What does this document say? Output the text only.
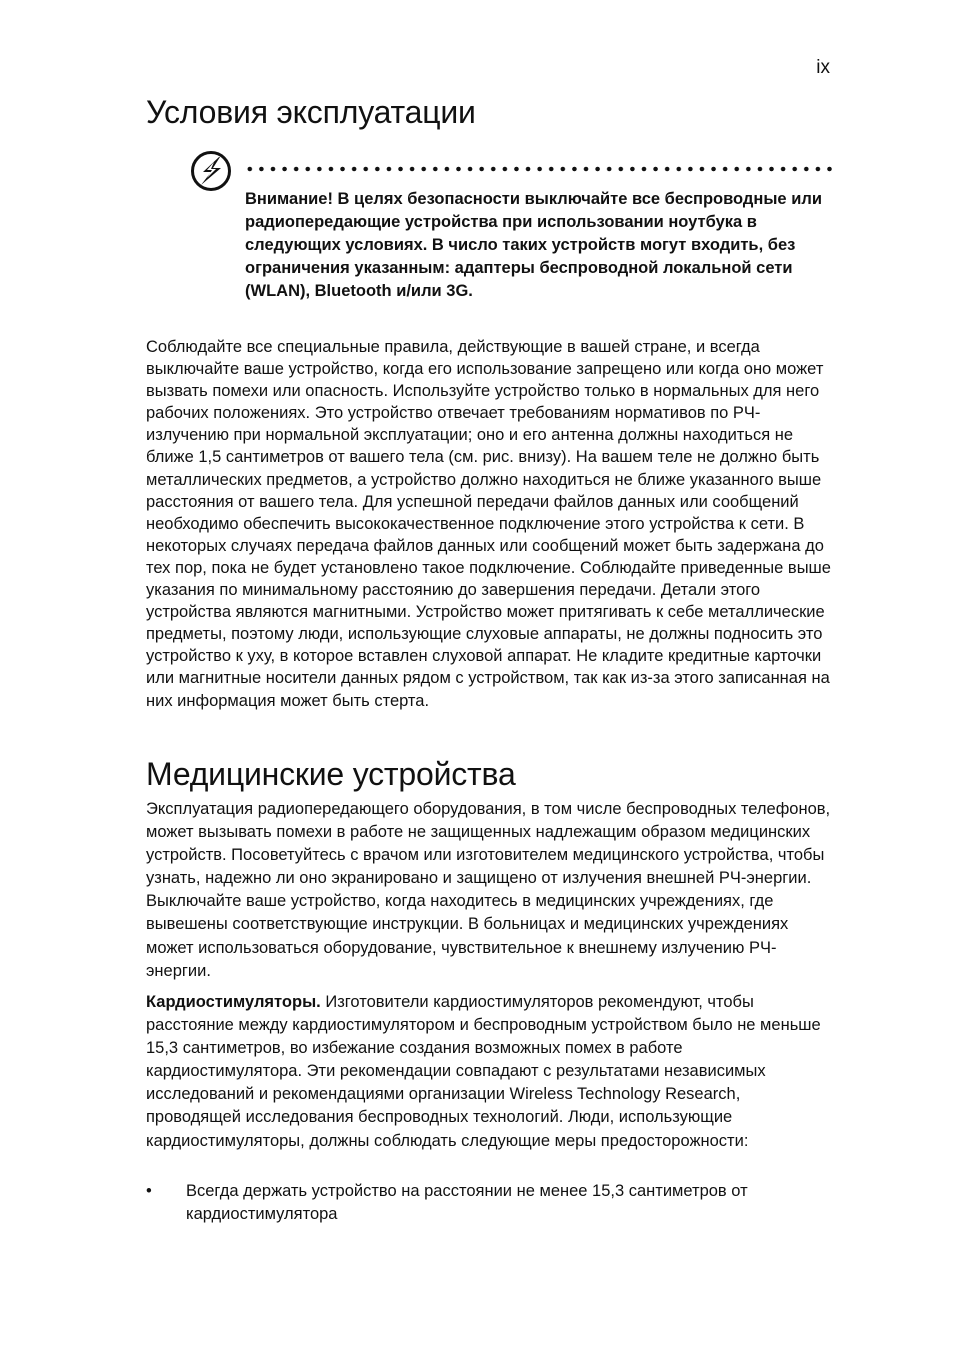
ix
Условия эксплуатации

Внимание! В целях безопасности выключайте все беспроводные или радиопередающие устройства при использовании ноутбука в следующих условиях. В число таких устройств могут входить, без ограничения указанным: адаптеры беспроводной локальной сети (WLAN), Bluetooth и/или 3G.

Соблюдайте все специальные правила, действующие в вашей стране, и всегда выключайте ваше устройство, когда его использование запрещено или когда оно может вызвать помехи или опасность. Используйте устройство только в нормальных для него рабочих положениях. Это устройство отвечает требованиям нормативов по РЧ-излучению при нормальной эксплуатации; оно и его антенна должны находиться не ближе 1,5 сантиметров от вашего тела (см. рис. внизу). На вашем теле не должно быть металлических предметов, а устройство должно находиться не ближе указанного выше расстояния от вашего тела. Для успешной передачи файлов данных или сообщений необходимо обеспечить высококачественное подключение этого устройства к сети. В некоторых случаях передача файлов данных или сообщений может быть задержана до тех пор, пока не будет установлено такое подключение. Соблюдайте приведенные выше указания по минимальному расстоянию до завершения передачи. Детали этого устройства являются магнитными. Устройство может притягивать к себе металлические предметы, поэтому люди, использующие слуховые аппараты, не должны подносить это устройство к уху, в которое вставлен слуховой аппарат. Не кладите кредитные карточки или магнитные носители данных рядом с устройством, так как из-за этого записанная на них информация может быть стерта.

Медицинские устройства

Эксплуатация радиопередающего оборудования, в том числе беспроводных телефонов, может вызывать помехи в работе не защищенных надлежащим образом медицинских устройств. Посоветуйтесь с врачом или изготовителем медицинского устройства, чтобы узнать, надежно ли оно экранировано и защищено от излучения внешней РЧ-энергии. Выключайте ваше устройство, когда находитесь в медицинских учреждениях, где вывешены соответствующие инструкции. В больницах и медицинских учреждениях может использоваться оборудование, чувствительное к внешнему излучению РЧ-энергии.

Кардиостимуляторы. Изготовители кардиостимуляторов рекомендуют, чтобы расстояние между кардиостимулятором и беспроводным устройством было не меньше 15,3 сантиметров, во избежание создания возможных помех в работе кардиостимулятора. Эти рекомендации совпадают с результатами независимых исследований и рекомендациями организации Wireless Technology Research, проводящей исследования беспроводных технологий. Люди, использующие кардиостимуляторы, должны соблюдать следующие меры предосторожности:

• Всегда держать устройство на расстоянии не менее 15,3 сантиметров от кардиостимулятора
